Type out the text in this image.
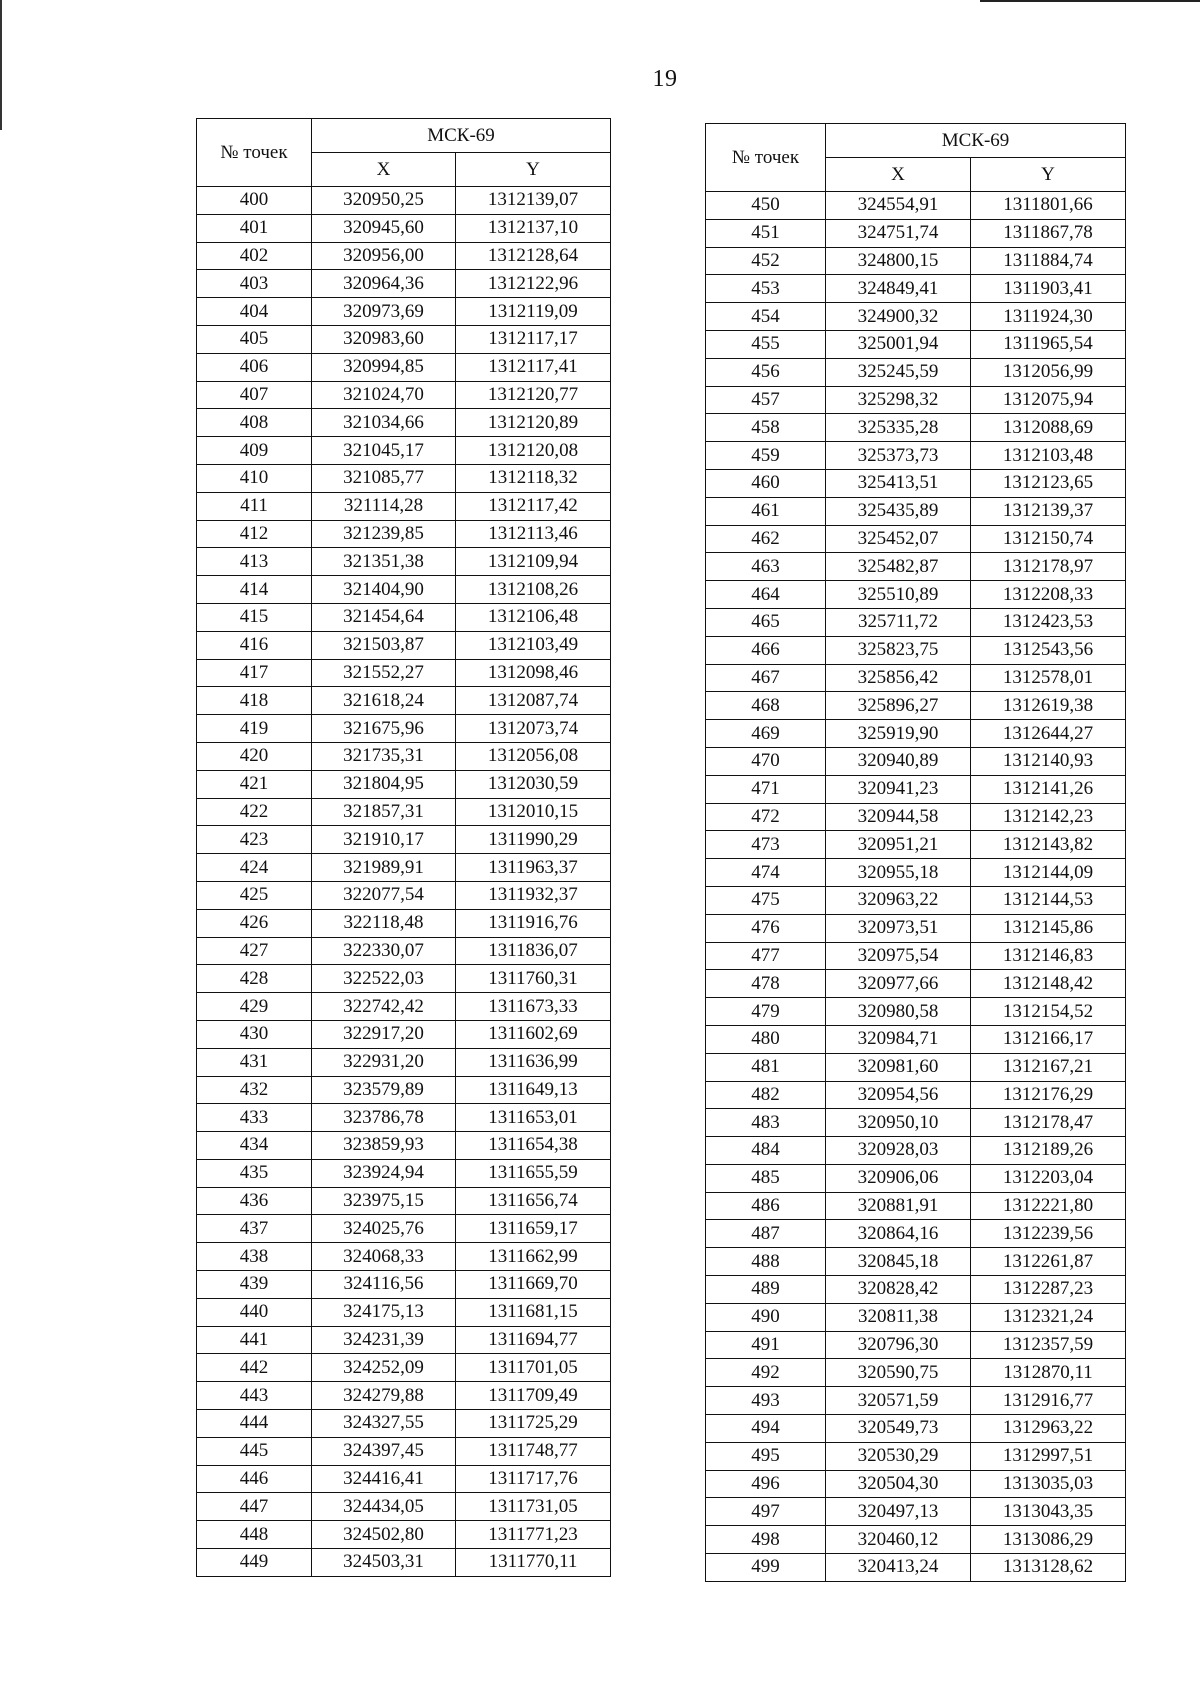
19
№ точек	МСК-69	
	X	Y
400	320950,25	1312139,07
401	320945,60	1312137,10
402	320956,00	1312128,64
403	320964,36	1312122,96
404	320973,69	1312119,09
405	320983,60	1312117,17
406	320994,85	1312117,41
407	321024,70	1312120,77
408	321034,66	1312120,89
409	321045,17	1312120,08
410	321085,77	1312118,32
411	321114,28	1312117,42
412	321239,85	1312113,46
413	321351,38	1312109,94
414	321404,90	1312108,26
415	321454,64	1312106,48
416	321503,87	1312103,49
417	321552,27	1312098,46
418	321618,24	1312087,74
419	321675,96	1312073,74
420	321735,31	1312056,08
421	321804,95	1312030,59
422	321857,31	1312010,15
423	321910,17	1311990,29
424	321989,91	1311963,37
425	322077,54	1311932,37
426	322118,48	1311916,76
427	322330,07	1311836,07
428	322522,03	1311760,31
429	322742,42	1311673,33
430	322917,20	1311602,69
431	322931,20	1311636,99
432	323579,89	1311649,13
433	323786,78	1311653,01
434	323859,93	1311654,38
435	323924,94	1311655,59
436	323975,15	1311656,74
437	324025,76	1311659,17
438	324068,33	1311662,99
439	324116,56	1311669,70
440	324175,13	1311681,15
441	324231,39	1311694,77
442	324252,09	1311701,05
443	324279,88	1311709,49
444	324327,55	1311725,29
445	324397,45	1311748,77
446	324416,41	1311717,76
447	324434,05	1311731,05
448	324502,80	1311771,23
449	324503,31	1311770,11
№ точек	МСК-69	
	X	Y
450	324554,91	1311801,66
451	324751,74	1311867,78
452	324800,15	1311884,74
453	324849,41	1311903,41
454	324900,32	1311924,30
455	325001,94	1311965,54
456	325245,59	1312056,99
457	325298,32	1312075,94
458	325335,28	1312088,69
459	325373,73	1312103,48
460	325413,51	1312123,65
461	325435,89	1312139,37
462	325452,07	1312150,74
463	325482,87	1312178,97
464	325510,89	1312208,33
465	325711,72	1312423,53
466	325823,75	1312543,56
467	325856,42	1312578,01
468	325896,27	1312619,38
469	325919,90	1312644,27
470	320940,89	1312140,93
471	320941,23	1312141,26
472	320944,58	1312142,23
473	320951,21	1312143,82
474	320955,18	1312144,09
475	320963,22	1312144,53
476	320973,51	1312145,86
477	320975,54	1312146,83
478	320977,66	1312148,42
479	320980,58	1312154,52
480	320984,71	1312166,17
481	320981,60	1312167,21
482	320954,56	1312176,29
483	320950,10	1312178,47
484	320928,03	1312189,26
485	320906,06	1312203,04
486	320881,91	1312221,80
487	320864,16	1312239,56
488	320845,18	1312261,87
489	320828,42	1312287,23
490	320811,38	1312321,24
491	320796,30	1312357,59
492	320590,75	1312870,11
493	320571,59	1312916,77
494	320549,73	1312963,22
495	320530,29	1312997,51
496	320504,30	1313035,03
497	320497,13	1313043,35
498	320460,12	1313086,29
499	320413,24	1313128,62
